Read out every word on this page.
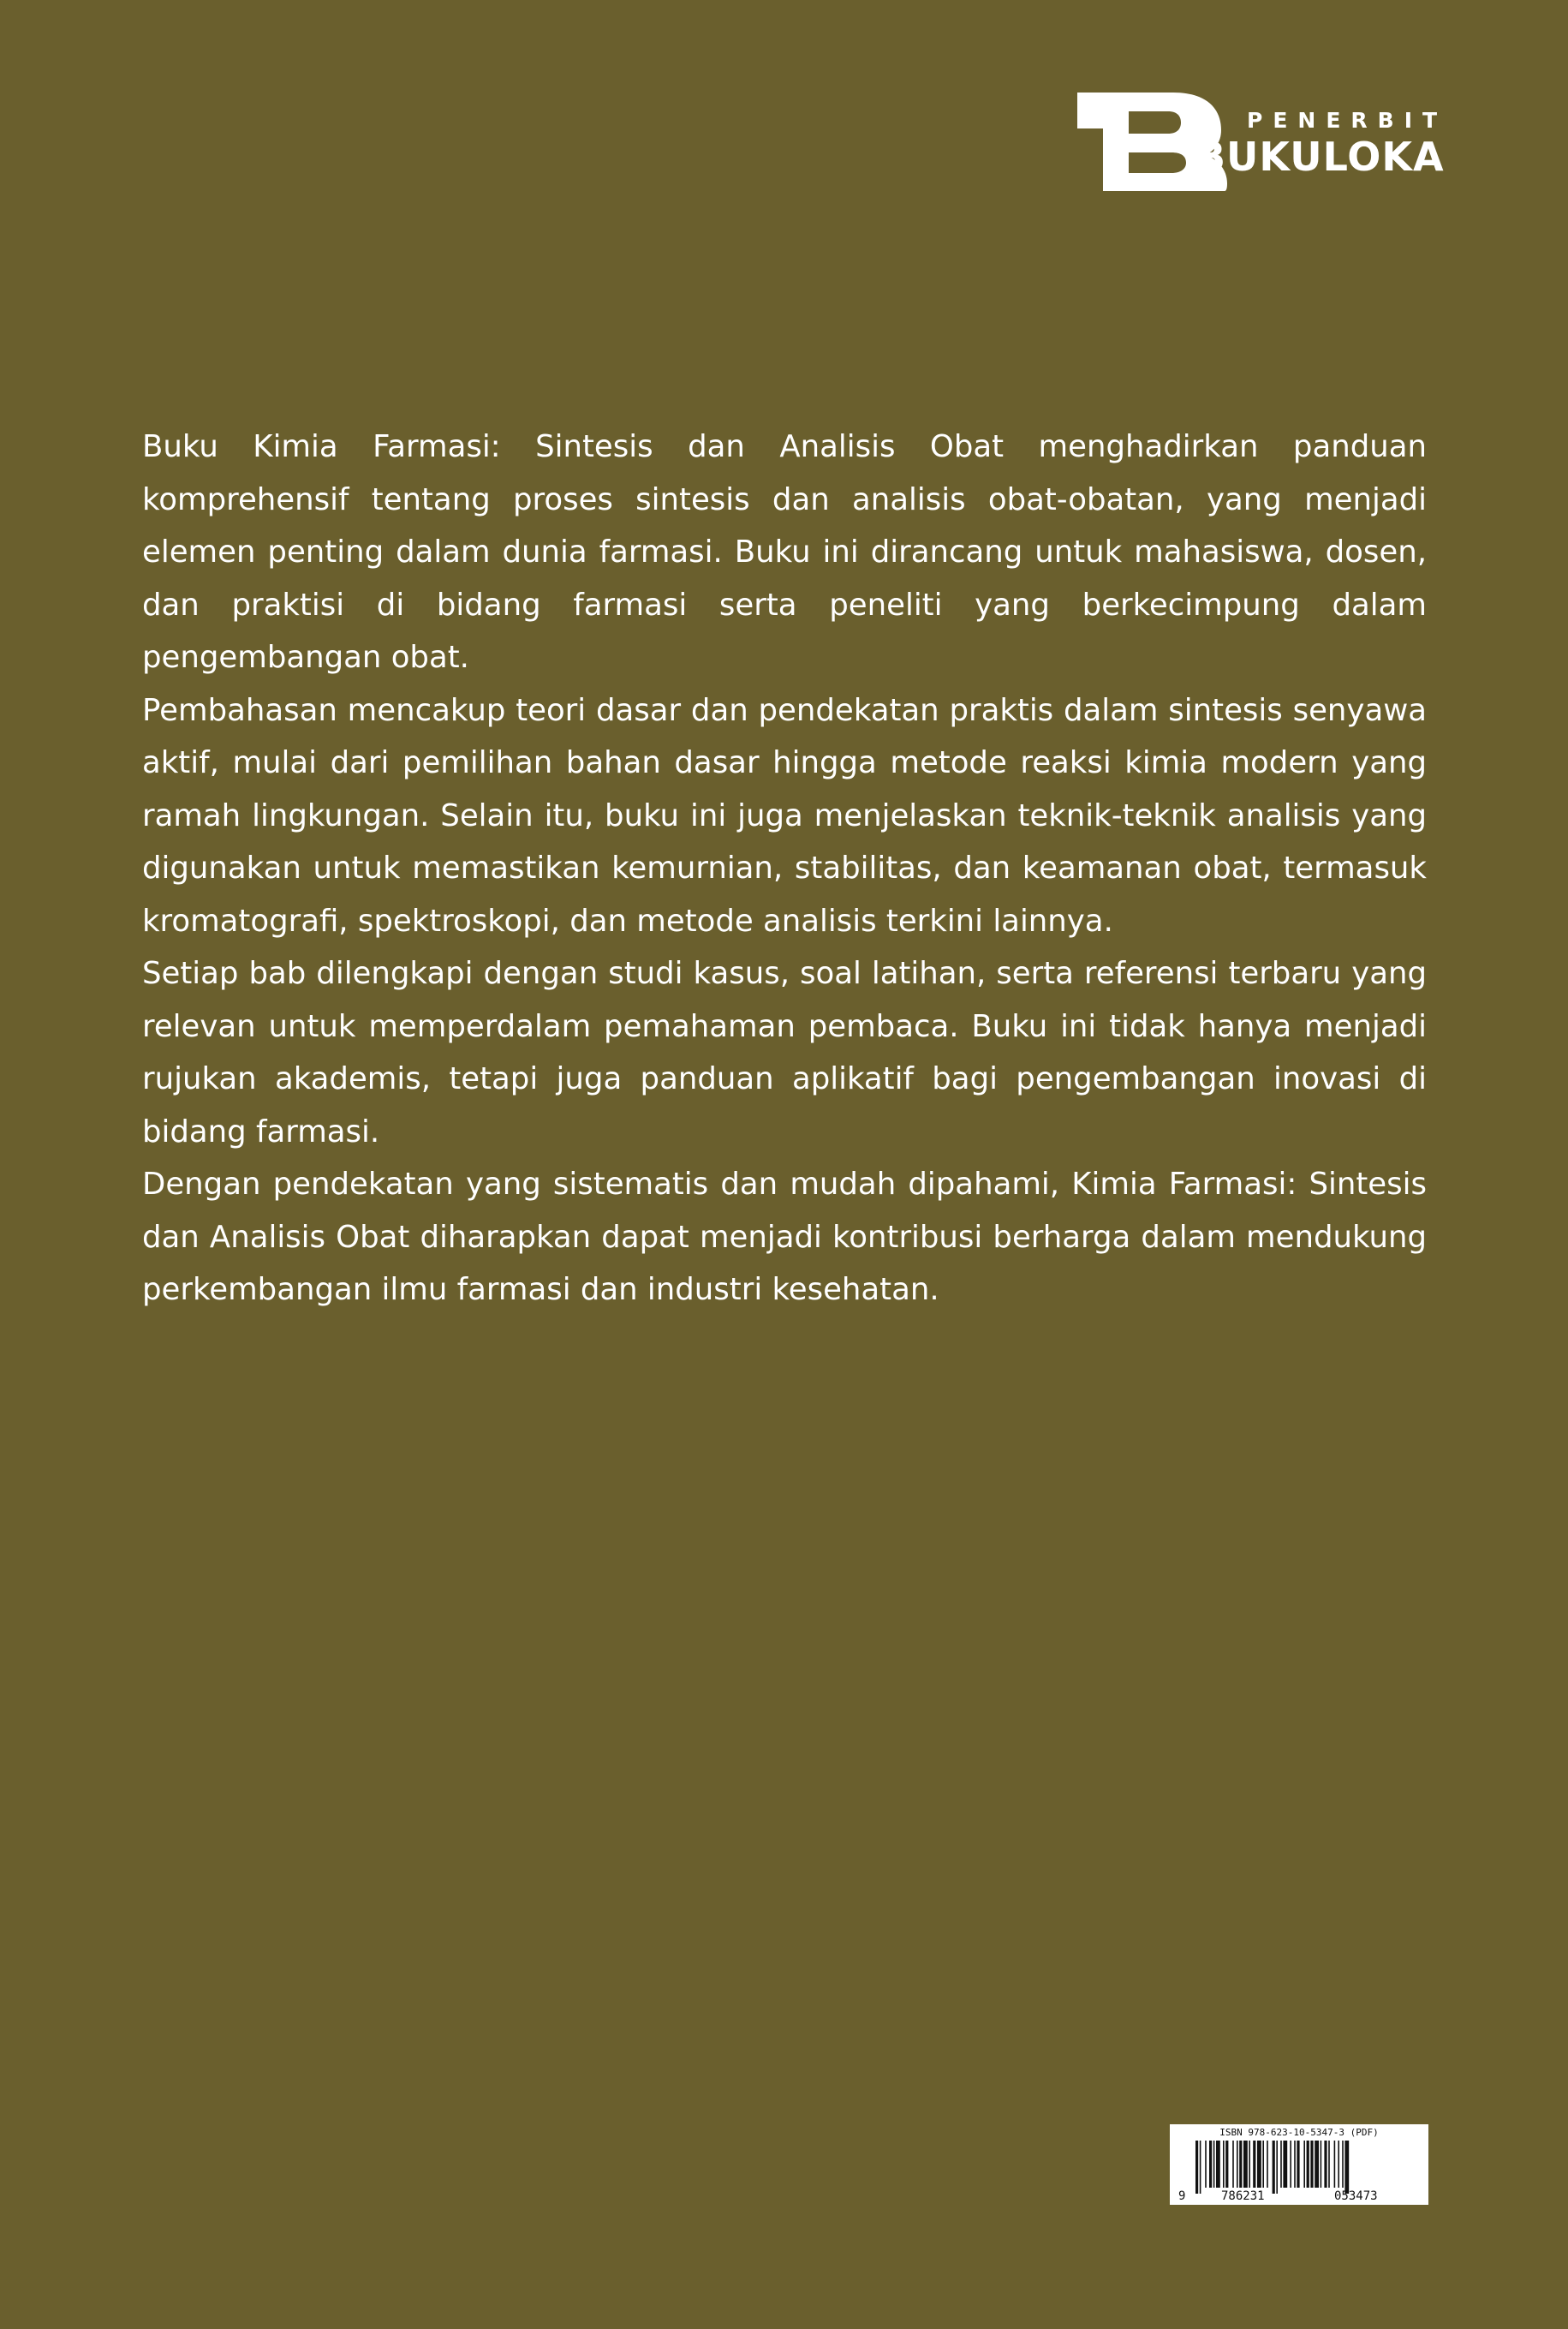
PENERBIT
BUKULOKA

Buku Kimia Farmasi: Sintesis dan Analisis Obat menghadirkan panduan komprehensif tentang proses sintesis dan analisis obat-obatan, yang menjadi elemen penting dalam dunia farmasi. Buku ini dirancang untuk mahasiswa, dosen, dan praktisi di bidang farmasi serta peneliti yang berkecimpung dalam pengembangan obat.

Pembahasan mencakup teori dasar dan pendekatan praktis dalam sintesis senyawa aktif, mulai dari pemilihan bahan dasar hingga metode reaksi kimia modern yang ramah lingkungan. Selain itu, buku ini juga menjelaskan teknik-teknik analisis yang digunakan untuk memastikan kemurnian, stabilitas, dan keamanan obat, termasuk kromatografi, spektroskopi, dan metode analisis terkini lainnya.

Setiap bab dilengkapi dengan studi kasus, soal latihan, serta referensi terbaru yang relevan untuk memperdalam pemahaman pembaca. Buku ini tidak hanya menjadi rujukan akademis, tetapi juga panduan aplikatif bagi pengembangan inovasi di bidang farmasi.

Dengan pendekatan yang sistematis dan mudah dipahami, Kimia Farmasi: Sintesis dan Analisis Obat diharapkan dapat menjadi kontribusi berharga dalam mendukung perkembangan ilmu farmasi dan industri kesehatan.

ISBN 978-623-10-5347-3 (PDF)
9	786231	053473
